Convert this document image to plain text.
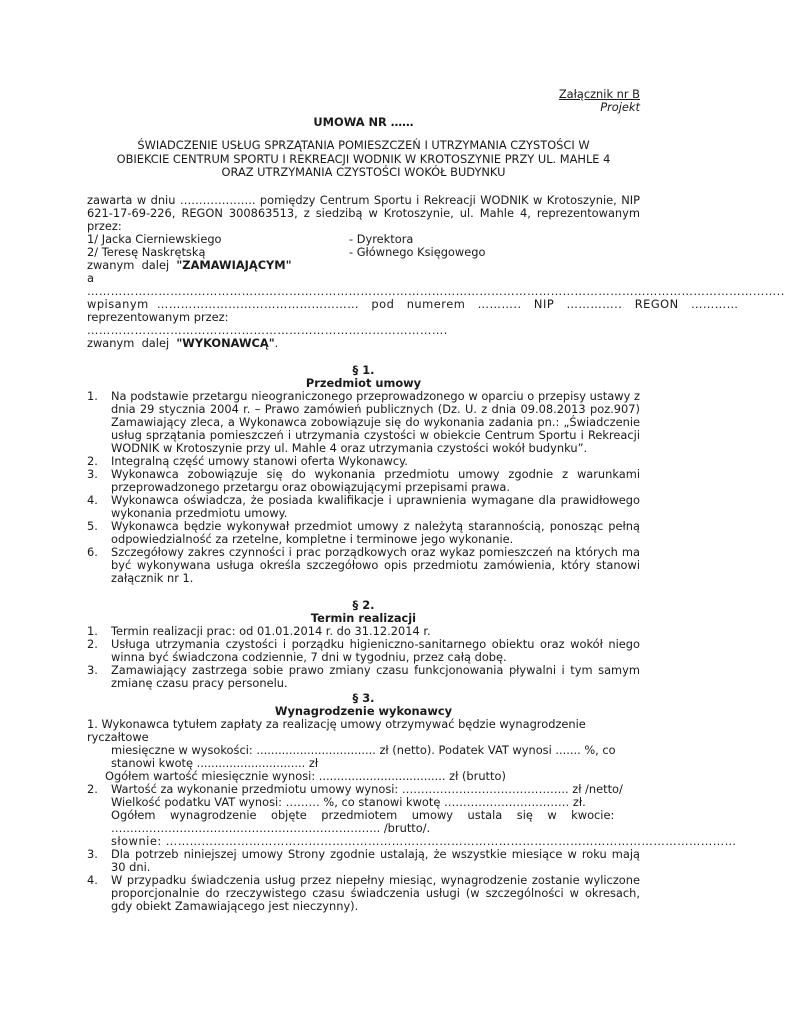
Załącznik nr B
Projekt
UMOWA NR ……
ŚWIADCZENIE USŁUG SPRZĄTANIA POMIESZCZEŃ I UTRZYMANIA CZYSTOŚCI W
OBIEKCIE CENTRUM SPORTU I REKREACJI WODNIK W KROTOSZYNIE PRZY UL. MAHLE 4
ORAZ UTRZYMANIA CZYSTOŚCI WOKÓŁ BUDYNKU
zawarta w dniu ……………….. pomiędzy Centrum Sportu i Rekreacji WODNIK w Krotoszynie, NIP 621-17-69-226, REGON 300863513, z siedzibą w Krotoszynie, ul. Mahle 4, reprezentowanym przez:
1/ Jacka Cierniewskiego	- Dyrektora
2/ Teresę Naskrętską	- Głównego Księgowego
zwanym  dalej  "ZAMAWIAJĄCYM"
a
…………………………………………………………………………………………………………………………………………………………..
wpisanym  ……………………………………………   pod   numerem   ………..   NIP   …………..   REGON   …………
reprezentowanym przez:
……………………………………………………………………………….
zwanym  dalej  "WYKONAWCĄ".
§ 1.
Przedmiot umowy
1.	Na podstawie przetargu nieograniczonego przeprowadzonego w oparciu o przepisy ustawy z dnia 29 stycznia 2004 r. – Prawo zamówień publicznych (Dz. U. z dnia 09.08.2013 poz.907) Zamawiający zleca, a Wykonawca zobowiązuje się do wykonania zadania pn.: „Świadczenie usług sprzątania pomieszczeń i utrzymania czystości w obiekcie Centrum Sportu i Rekreacji WODNIK w Krotoszynie przy ul. Mahle 4 oraz utrzymania czystości wokół budynku”.
2.	Integralną część umowy stanowi oferta Wykonawcy.
3.	Wykonawca zobowiązuje się do wykonania przedmiotu umowy zgodnie z warunkami przeprowadzonego przetargu oraz obowiązującymi przepisami prawa.
4.	Wykonawca oświadcza, że posiada kwalifikacje i uprawnienia wymagane dla prawidłowego wykonania przedmiotu umowy.
5.	Wykonawca będzie wykonywał przedmiot umowy z należytą starannością, ponosząc pełną odpowiedzialność za rzetelne, kompletne i terminowe jego wykonanie.
6.	Szczegółowy zakres czynności i prac porządkowych oraz wykaz pomieszczeń na których ma być wykonywana usługa określa szczegółowo opis przedmiotu zamówienia, który stanowi załącznik nr 1.
§ 2.
Termin realizacji
1.	Termin realizacji prac: od 01.01.2014 r. do 31.12.2014 r.
2.	Usługa utrzymania czystości i porządku higieniczno-sanitarnego obiektu oraz wokół niego winna być świadczona codziennie, 7 dni w tygodniu, przez całą dobę.
3.	Zamawiający zastrzega sobie prawo zmiany czasu funkcjonowania pływalni i tym samym zmianę czasu pracy personelu.
§ 3.
Wynagrodzenie wykonawcy
1. Wykonawca tytułem zapłaty za realizację umowy otrzymywać będzie wynagrodzenie ryczałtowe
miesięczne w wysokości: ................................. zł (netto). Podatek VAT wynosi ....... %, co
stanowi kwotę .............................. zł
Ogółem wartość miesięcznie wynosi: ................................... zł (brutto)
2.	Wartość za wykonanie przedmiotu umowy wynosi: …………………………………….. zł /netto/
Wielkość podatku VAT wynosi: ……… %, co stanowi kwotę …………………………… zł.
Ogółem    wynagrodzenie    objęte    przedmiotem    umowy    ustala    się    w    kwocie:
…………………………………………………………….. /brutto/.
słownie: ………………………………………………………………………………………………………………………………
3.	Dla potrzeb niniejszej umowy Strony zgodnie ustalają, że wszystkie miesiące w roku mają 30 dni.
4.	W przypadku świadczenia usług przez niepełny miesiąc, wynagrodzenie zostanie wyliczone proporcjonalnie do rzeczywistego czasu świadczenia usługi (w szczególności w okresach, gdy obiekt Zamawiającego jest nieczynny).
